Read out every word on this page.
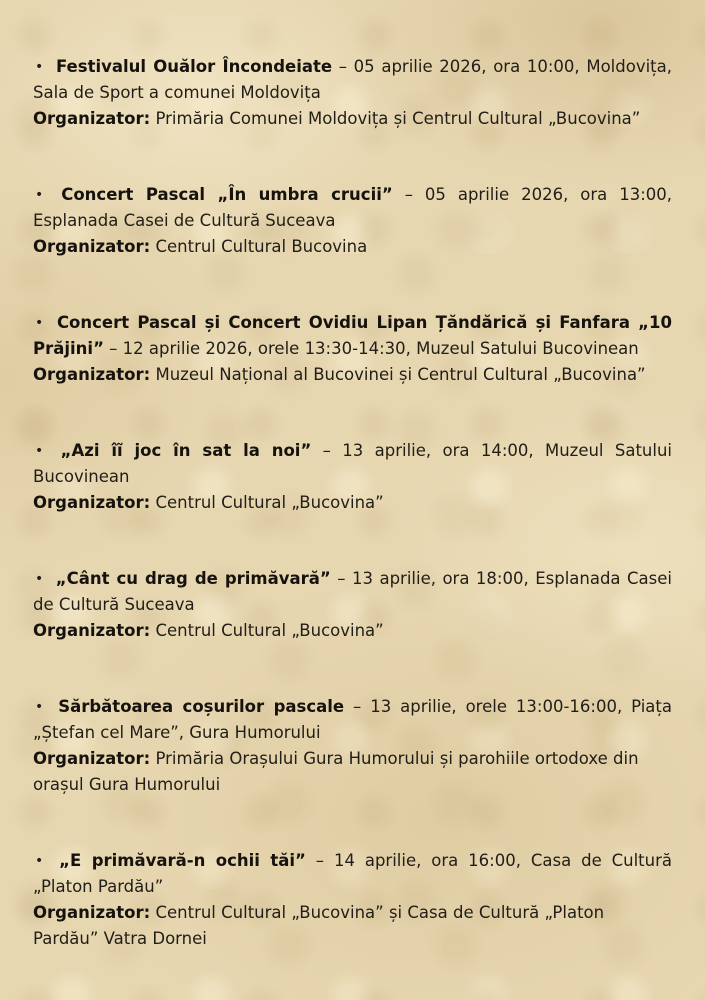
• Festivalul Ouălor Încondeiate – 05 aprilie 2026, ora 10:00, Moldovița, Sala de Sport a comunei Moldovița

Organizator: Primăria Comunei Moldovița și Centrul Cultural „Bucovina”

• Concert Pascal „În umbra crucii” – 05 aprilie 2026, ora 13:00, Esplanada Casei de Cultură Suceava

Organizator: Centrul Cultural Bucovina

• Concert Pascal și Concert Ovidiu Lipan Țăndărică și Fanfara „10 Prăjini” – 12 aprilie 2026, orele 13:30-14:30, Muzeul Satului Bucovinean

Organizator: Muzeul Național al Bucovinei și Centrul Cultural „Bucovina”

• „Azi îĩ joc în sat la noi” – 13 aprilie, ora 14:00, Muzeul Satului Bucovinean

Organizator: Centrul Cultural „Bucovina”

• „Cânt cu drag de primăvară” – 13 aprilie, ora 18:00, Esplanada Casei de Cultură Suceava

Organizator: Centrul Cultural „Bucovina”

• Sărbătoarea coșurilor pascale – 13 aprilie, orele 13:00-16:00, Piața „Ștefan cel Mare”, Gura Humorului

Organizator: Primăria Orașului Gura Humorului și parohiile ortodoxe din orașul Gura Humorului

• „E primăvară-n ochii tăi” – 14 aprilie, ora 16:00, Casa de Cultură „Platon Pardău”

Organizator: Centrul Cultural „Bucovina” și Casa de Cultură „Platon Pardău” Vatra Dornei
